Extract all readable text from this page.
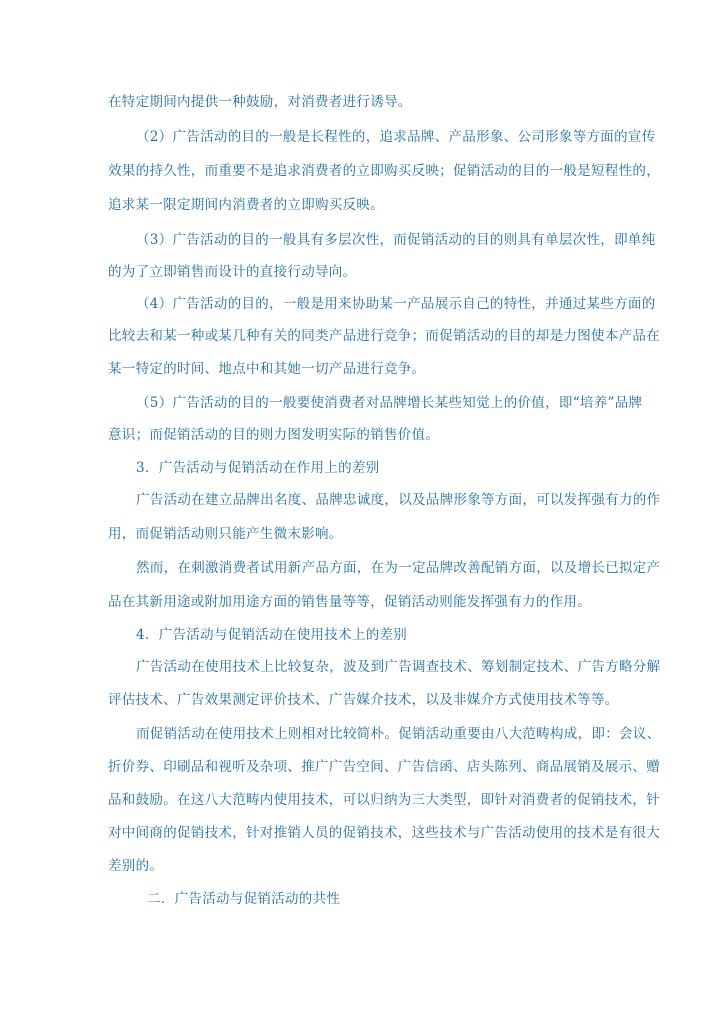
在特定期间内提供一种鼓励，对消费者进行诱导。
（2）广告活动的目的一般是长程性的，追求品牌、产品形象、公司形象等方面的宣传
效果的持久性，而重要不是追求消费者的立即购买反映；促销活动的目的一般是短程性的，
追求某一限定期间内消费者的立即购买反映。
（3）广告活动的目的一般具有多层次性，而促销活动的目的则具有单层次性，即单纯
的为了立即销售而设计的直接行动导向。
（4）广告活动的目的，一般是用来协助某一产品展示自己的特性，并通过某些方面的
比较去和某一种或某几种有关的同类产品进行竞争；而促销活动的目的却是力图使本产品在
某一特定的时间、地点中和其她一切产品进行竞争。
（5）广告活动的目的一般要使消费者对品牌增长某些知觉上的价值，即“培养”品牌
意识；而促销活动的目的则力图发明实际的销售价值。
3．广告活动与促销活动在作用上的差别
广告活动在建立品牌出名度、品牌忠诚度，以及品牌形象等方面，可以发挥强有力的作
用，而促销活动则只能产生微末影响。
然而，在刺激消费者试用新产品方面，在为一定品牌改善配销方面，以及增长已拟定产
品在其新用途或附加用途方面的销售量等等，促销活动则能发挥强有力的作用。
4．广告活动与促销活动在使用技术上的差别
广告活动在使用技术上比较复杂，波及到广告调查技术、筹划制定技术、广告方略分解
评估技术、广告效果测定评价技术、广告媒介技术，以及非媒介方式使用技术等等。
而促销活动在使用技术上则相对比较简朴。促销活动重要由八大范畴构成，即：会议、
折价券、印刷品和视听及杂项、推广广告空间、广告信函、店头陈列、商品展销及展示、赠
品和鼓励。在这八大范畴内使用技术，可以归纳为三大类型，即针对消费者的促销技术，针
对中间商的促销技术，针对推销人员的促销技术，这些技术与广告活动使用的技术是有很大
差别的。
二．广告活动与促销活动的共性
